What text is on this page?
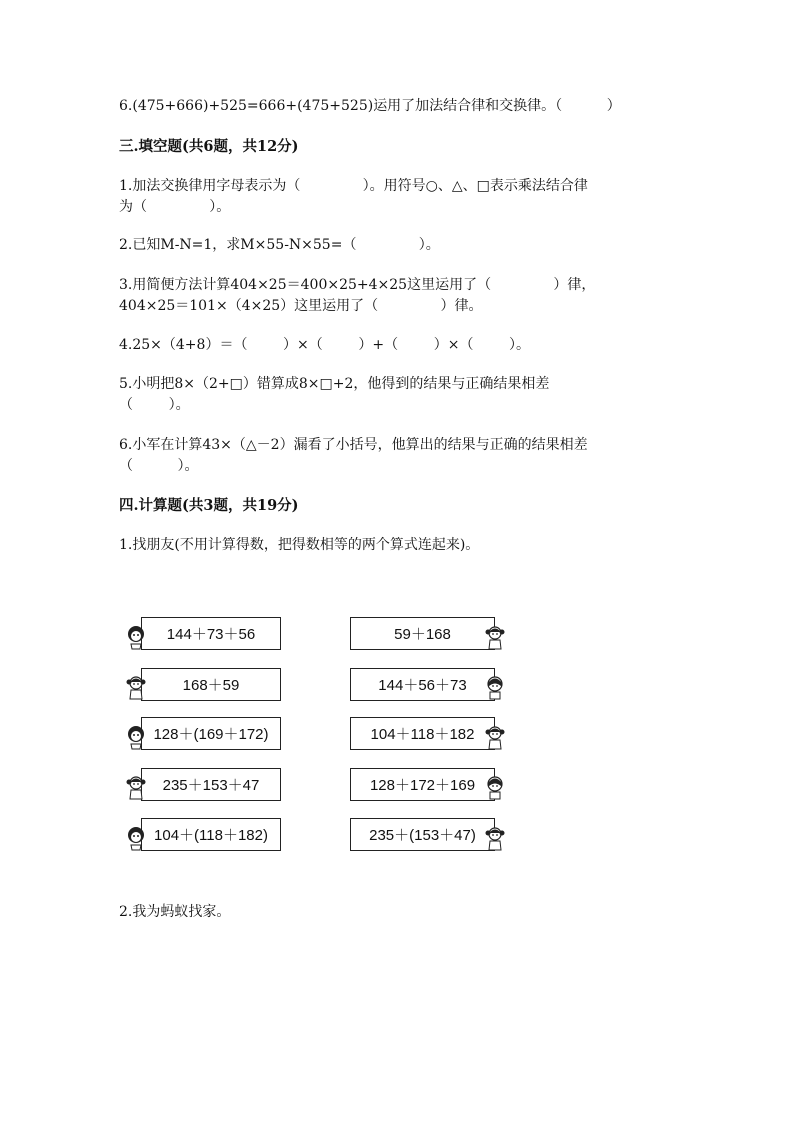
6.(475+666)+525=666+(475+525)运用了加法结合律和交换律。（          ）
三.填空题(共6题，共12分)
1.加法交换律用字母表示为（              ）。用符号○、△、□表示乘法结合律
为（              ）。
2.已知M-N=1，求M×55-N×55=（              ）。
3.用简便方法计算404×25＝400×25+4×25这里运用了（              ）律，
404×25＝101×（4×25）这里运用了（              ）律。
4.25×（4+8）＝（        ）×（        ）+（        ）×（        ）。
5.小明把8×（2+□）错算成8×□+2，他得到的结果与正确结果相差
（        ）。
6.小军在计算43×（△－2）漏看了小括号，他算出的结果与正确的结果相差
（          ）。
四.计算题(共3题，共19分)
1.找朋友(不用计算得数，把得数相等的两个算式连起来)。
144＋73＋56
168＋59
128＋(169＋172)
235＋153＋47
104＋(118＋182)
59＋168
144＋56＋73
104＋118＋182
128＋172＋169
235＋(153＋47)
2.我为蚂蚁找家。
